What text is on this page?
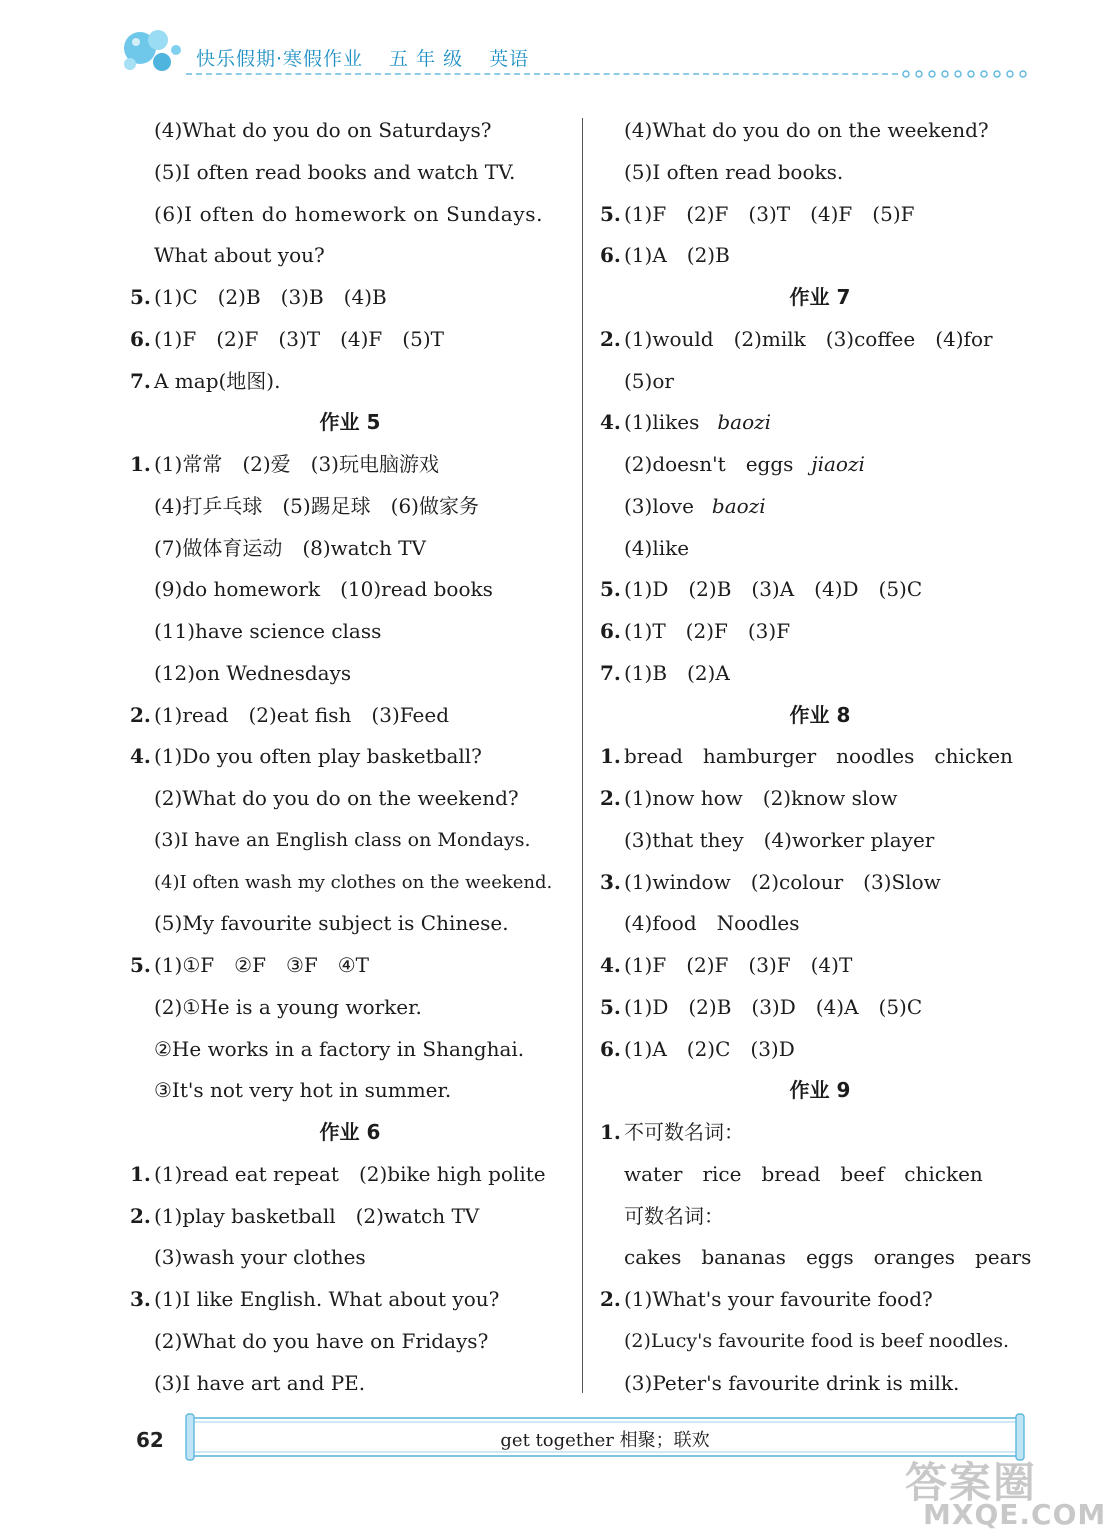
快乐假期·寒假作业 五 年 级 英语
(4)What do you do on Saturdays?
(5)I often read books and watch TV.
(6)I often do homework on Sundays.
What about you?
5. (1)C　(2)B　(3)B　(4)B
6. (1)F　(2)F　(3)T　(4)F　(5)T
7. A map(地图).
作业 5
1. (1)常常　(2)爱　(3)玩电脑游戏
(4)打乒乓球　(5)踢足球　(6)做家务
(7)做体育运动　(8)watch TV
(9)do homework　(10)read books
(11)have science class
(12)on Wednesdays
2. (1)read　(2)eat fish　(3)Feed
4. (1)Do you often play basketball?
(2)What do you do on the weekend?
(3)I have an English class on Mondays.
(4)I often wash my clothes on the weekend.
(5)My favourite subject is Chinese.
5. (1)①F　②F　③F　④T
(2)①He is a young worker.
②He works in a factory in Shanghai.
③It's not very hot in summer.
作业 6
1. (1)read eat repeat　(2)bike high polite
2. (1)play basketball　(2)watch TV
(3)wash your clothes
3. (1)I like English. What about you?
(2)What do you have on Fridays?
(3)I have art and PE.
(4)What do you do on the weekend?
(5)I often read books.
5. (1)F　(2)F　(3)T　(4)F　(5)F
6. (1)A　(2)B
作业 7
2. (1)would　(2)milk　(3)coffee　(4)for
(5)or
4. (1)likes baozi
(2)doesn't　eggs jiaozi
(3)love baozi
(4)like
5. (1)D　(2)B　(3)A　(4)D　(5)C
6. (1)T　(2)F　(3)F
7. (1)B　(2)A
作业 8
1. bread　hamburger　noodles　chicken
2. (1)now how　(2)know slow
(3)that they　(4)worker player
3. (1)window　(2)colour　(3)Slow
(4)food　Noodles
4. (1)F　(2)F　(3)F　(4)T
5. (1)D　(2)B　(3)D　(4)A　(5)C
6. (1)A　(2)C　(3)D
作业 9
1. 不可数名词：
water　rice　bread　beef　chicken
可数名词：
cakes　bananas　eggs　oranges　pears
2. (1)What's your favourite food?
(2)Lucy's favourite food is beef noodles.
(3)Peter's favourite drink is milk.
62	get together 相聚；联欢
答案圈
MXQE.COM
